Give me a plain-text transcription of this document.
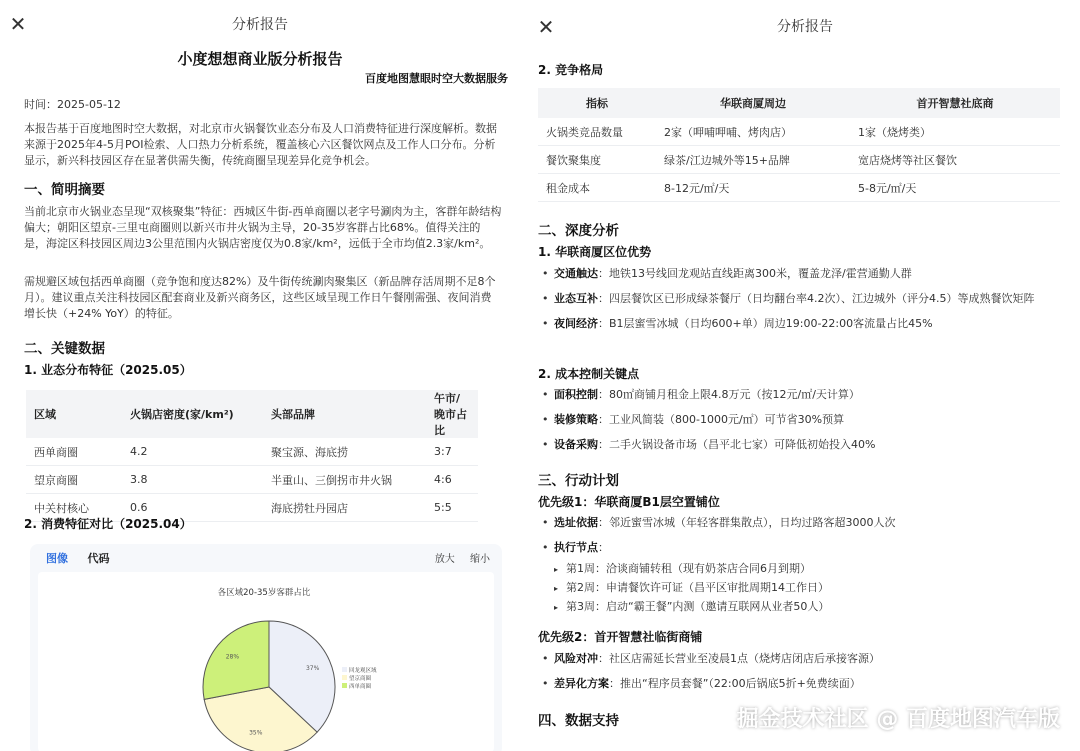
✕	分析报告
小度想想商业版分析报告
百度地图慧眼时空大数据服务
时间：2025-05-12
本报告基于百度地图时空大数据，对北京市火锅餐饮业态分布及人口消费特征进行深度解析。数据来源于2025年4-5月POI检索、人口热力分析系统，覆盖核心六区餐饮网点及工作人口分布。分析显示，新兴科技园区存在显著供需失衡，传统商圈呈现差异化竞争机会。
一、简明摘要
当前北京市火锅业态呈现“双核聚集”特征：西城区牛街-西单商圈以老字号涮肉为主，客群年龄结构偏大；朝阳区望京-三里屯商圈则以新兴市井火锅为主导，20-35岁客群占比68%。值得关注的是，海淀区科技园区周边3公里范围内火锅店密度仅为0.8家/km²，远低于全市均值2.3家/km²。
需规避区域包括西单商圈（竞争饱和度达82%）及牛街传统涮肉聚集区（新品牌存活周期不足8个月）。建议重点关注科技园区配套商业及新兴商务区，这些区域呈现工作日午餐刚需强、夜间消费增长快（+24% YoY）的特征。
二、关键数据
1. 业态分布特征（2025.05）
区域	火锅店密度(家/km²)	头部品牌	午市/晚市占比
西单商圈	4.2	聚宝源、海底捞	3:7
望京商圈	3.8	半重山、三倒拐市井火锅	4:6
中关村核心	0.6	海底捞牡丹园店	5:5
2. 消费特征对比（2025.04）
图像 代码	放大 缩小
各区域20-35岁客群占比
37%
35%
28%
回龙观区域
望京商圈
西单商圈
✕	分析报告
2. 竞争格局
指标	华联商厦周边	首开智慧社底商
火锅类竞品数量	2家（呷哺呷哺、烤肉店）	1家（烧烤类）
餐饮聚集度	绿茶/江边城外等15+品牌	宽店烧烤等社区餐饮
租金成本	8-12元/㎡/天	5-8元/㎡/天
二、深度分析
1. 华联商厦区位优势
• 交通触达：地铁13号线回龙观站直线距离300米，覆盖龙泽/霍营通勤人群
• 业态互补：四层餐饮区已形成绿茶餐厅（日均翻台率4.2次）、江边城外（评分4.5）等成熟餐饮矩阵
• 夜间经济：B1层蜜雪冰城（日均600+单）周边19:00-22:00客流量占比45%
2. 成本控制关键点
• 面积控制：80㎡商铺月租金上限4.8万元（按12元/㎡/天计算）
• 装修策略：工业风简装（800-1000元/㎡）可节省30%预算
• 设备采购：二手火锅设备市场（昌平北七家）可降低初始投入40%
三、行动计划
优先级1：华联商厦B1层空置铺位
• 选址依据：邻近蜜雪冰城（年轻客群集散点），日均过路客超3000人次
• 执行节点：
▸ 第1周：洽谈商铺转租（现有奶茶店合同6月到期）
▸ 第2周：申请餐饮许可证（昌平区审批周期14工作日）
▸ 第3周：启动“霸王餐”内测（邀请互联网从业者50人）
优先级2：首开智慧社临街商铺
• 风险对冲：社区店需延长营业至凌晨1点（烧烤店闭店后承接客源）
• 差异化方案：推出“程序员套餐”（22:00后锅底5折+免费续面）
四、数据支持	掘金技术社区 @ 百度地图汽车版
